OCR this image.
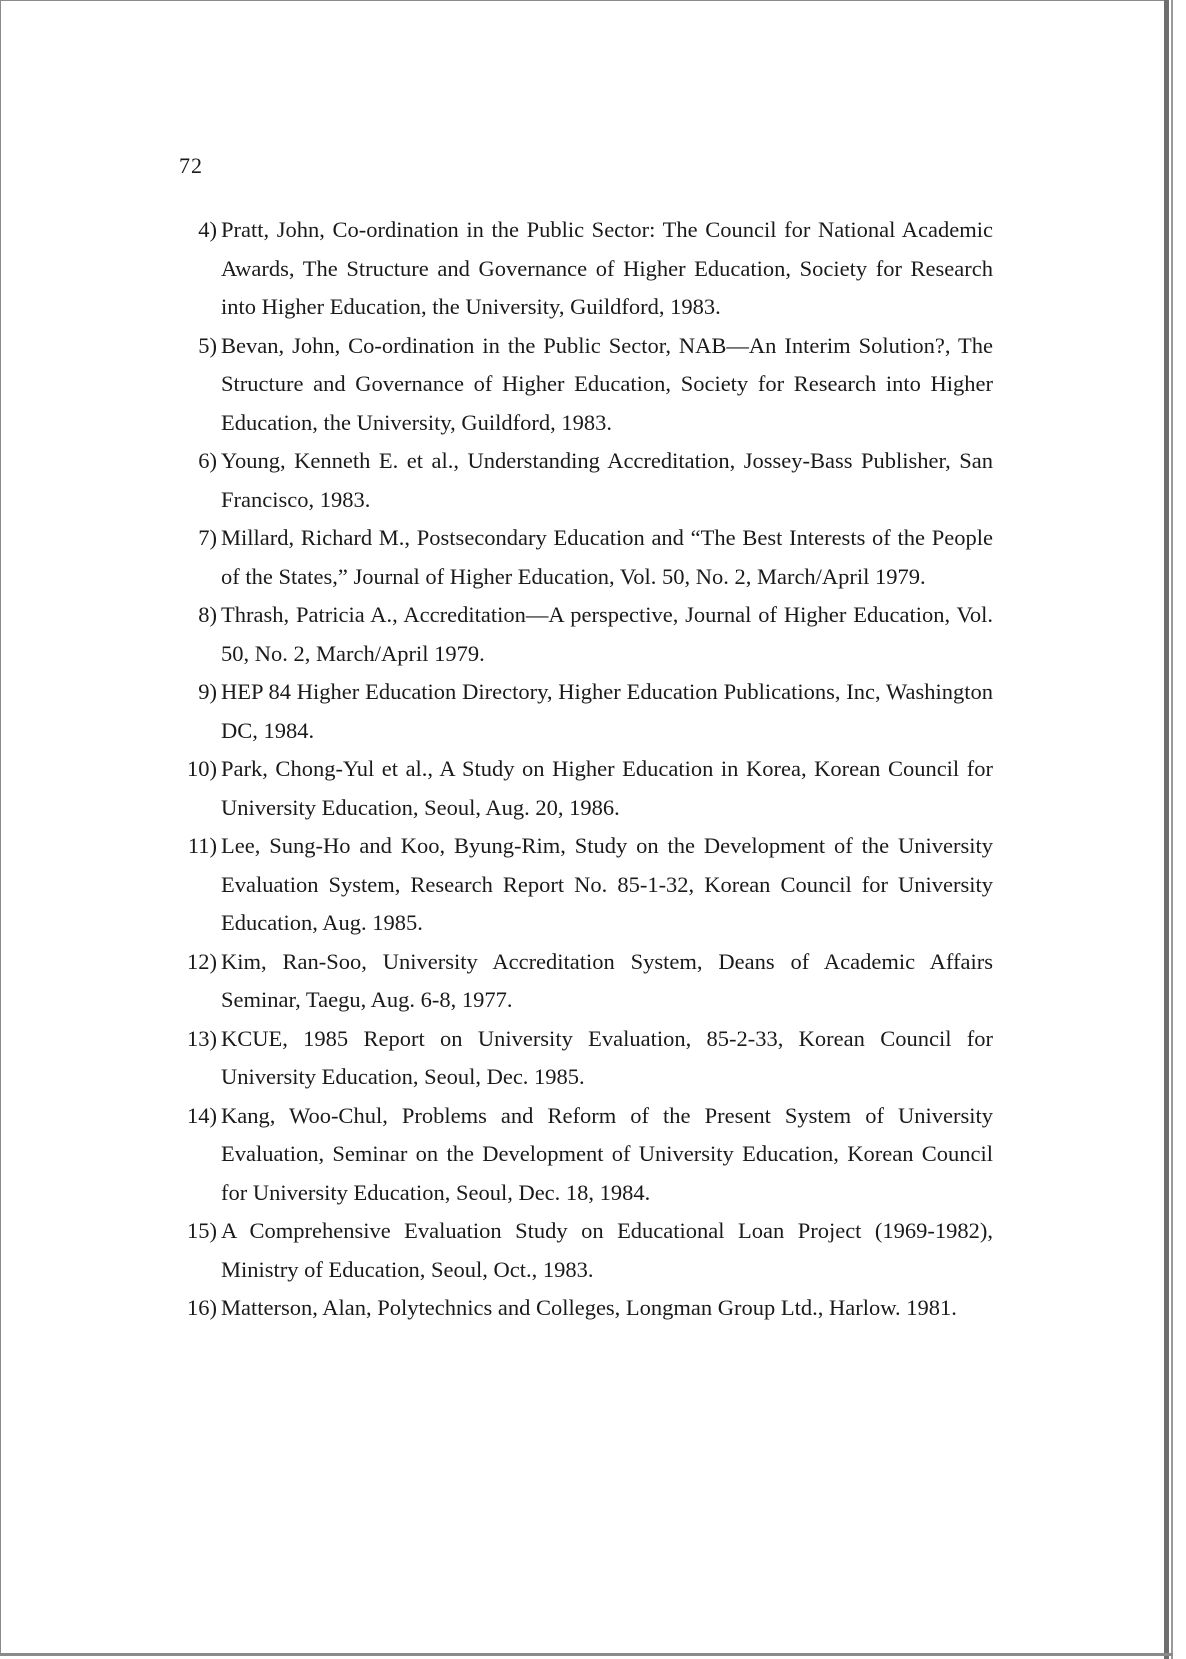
72
4) Pratt, John, Co-ordination in the Public Sector: The Council for National Academic Awards, The Structure and Governance of Higher Education, Society for Research into Higher Education, the University, Guildford, 1983.
5) Bevan, John, Co-ordination in the Public Sector, NAB—An Interim Solution?, The Structure and Governance of Higher Education, Society for Research into Higher Education, the University, Guildford, 1983.
6) Young, Kenneth E. et al., Understanding Accreditation, Jossey-Bass Publisher, San Francisco, 1983.
7) Millard, Richard M., Postsecondary Education and “The Best Interests of the People of the States,” Journal of Higher Education, Vol. 50, No. 2, March/April 1979.
8) Thrash, Patricia A., Accreditation—A perspective, Journal of Higher Education, Vol. 50, No. 2, March/April 1979.
9) HEP 84 Higher Education Directory, Higher Education Publications, Inc, Washington DC, 1984.
10) Park, Chong-Yul et al., A Study on Higher Education in Korea, Korean Council for University Education, Seoul, Aug. 20, 1986.
11) Lee, Sung-Ho and Koo, Byung-Rim, Study on the Development of the University Evaluation System, Research Report No. 85-1-32, Korean Council for University Education, Aug. 1985.
12) Kim, Ran-Soo, University Accreditation System, Deans of Academic Affairs Seminar, Taegu, Aug. 6-8, 1977.
13) KCUE, 1985 Report on University Evaluation, 85-2-33, Korean Council for University Education, Seoul, Dec. 1985.
14) Kang, Woo-Chul, Problems and Reform of the Present System of University Evaluation, Seminar on the Development of University Education, Korean Council for University Education, Seoul, Dec. 18, 1984.
15) A Comprehensive Evaluation Study on Educational Loan Project (1969-1982), Ministry of Education, Seoul, Oct., 1983.
16) Matterson, Alan, Polytechnics and Colleges, Longman Group Ltd., Harlow. 1981.
